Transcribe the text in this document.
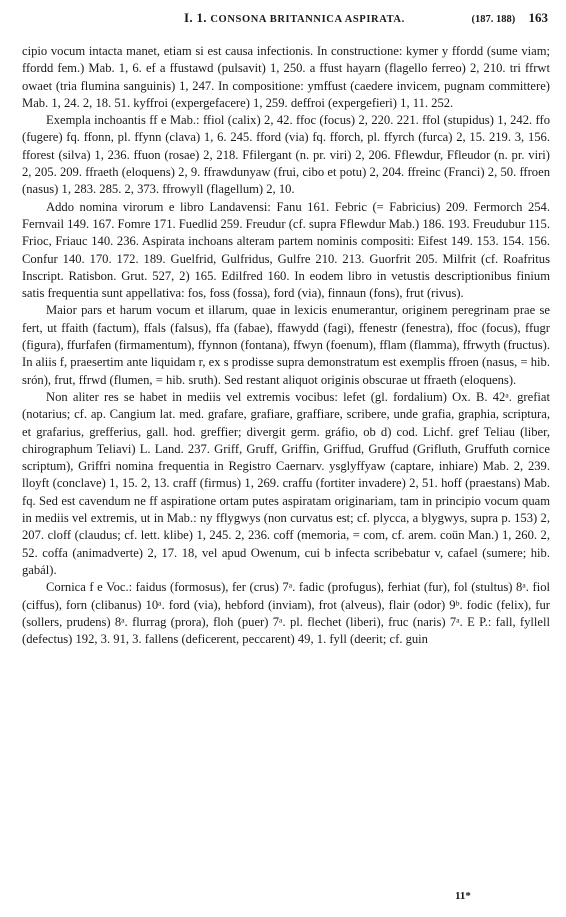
I. 1. CONSONA BRITANNICA ASPIRATA.	(187. 188) 163

cipio vocum intacta manet, etiam si est causa infectionis. In constructione: kymer y ffordd (sume viam; ffordd fem.) Mab. 1, 6. ef a ffustawd (pulsavit) 1, 250. a ffust hayarn (flagello ferreo) 2, 210. tri ffrwt owaet (tria flumina sanguinis) 1, 247. In compositione: ymffust (caedere invicem, pugnam committere) Mab. 1, 24. 2, 18. 51. kyffroi (expergefacere) 1, 259. deffroi (expergefieri) 1, 11. 252.

Exempla inchoantis ff e Mab.: ffiol (calix) 2, 42. ffoc (focus) 2, 220. 221. ffol (stupidus) 1, 242. ffo (fugere) fq. ffonn, pl. ffynn (clava) 1, 6. 245. fford (via) fq. fforch, pl. ffyrch (furca) 2, 15. 219. 3, 156. fforest (silva) 1, 236. ffuon (rosae) 2, 218. Ffilergant (n. pr. viri) 2, 206. Fflewdur, Ffleudor (n. pr. viri) 2, 205. 209. ffraeth (eloquens) 2, 9. ffrawdunyaw (frui, cibo et potu) 2, 204. ffreinc (Franci) 2, 50. ffroen (nasus) 1, 283. 285. 2, 373. ffrowyll (flagellum) 2, 10.

Addo nomina virorum e libro Landavensi: Fanu 161. Febric (= Fabricius) 209. Fermorch 254. Fernvail 149. 167. Fomre 171. Fuedlid 259. Freudur (cf. supra Fflewdur Mab.) 186. 193. Freudubur 115. Frioc, Friauc 140. 236. Aspirata inchoans alteram partem nominis compositi: Eifest 149. 153. 154. 156. Confur 140. 170. 172. 189. Guelfrid, Gulfridus, Gulfre 210. 213. Guorfrit 205. Milfrit (cf. Roafritus Inscript. Ratisbon. Grut. 527, 2) 165. Edilfred 160. In eodem libro in vetustis descriptionibus finium satis frequentia sunt appellativa: fos, foss (fossa), ford (via), finnaun (fons), frut (rivus).

Maior pars et harum vocum et illarum, quae in lexicis enumerantur, originem peregrinam prae se fert, ut ffaith (factum), ffals (falsus), ffa (fabae), ffawydd (fagi), ffenestr (fenestra), ffoc (focus), ffugr (figura), ffurfafen (firmamentum), ffynnon (fontana), ffwyn (foenum), fflam (flamma), ffrwyth (fructus). In aliis f, praesertim ante liquidam r, ex s prodisse supra demonstratum est exemplis ffroen (nasus, = hib. srón), frut, ffrwd (flumen, = hib. sruth). Sed restant aliquot originis obscurae ut ffraeth (eloquens).

Non aliter res se habet in mediis vel extremis vocibus: lefet (gl. fordalium) Ox. B. 42ᵃ. grefiat (notarius; cf. ap. Cangium lat. med. grafare, grafiare, graffiare, scribere, unde grafia, graphia, scriptura, et grafarius, grefferius, gall. hod. greffier; divergit germ. gráfio, ob d) cod. Lichf. gref Teliau (liber, chirographum Teliavi) L. Land. 237. Griff, Gruff, Griffin, Griffud, Gruffud (Grifluth, Gruffuth cornice scriptum), Griffri nomina frequentia in Registro Caernarv. ysglyffyaw (captare, inhiare) Mab. 2, 239. lloyft (conclave) 1, 15. 2, 13. craff (firmus) 1, 269. craffu (fortiter invadere) 2, 51. hoff (praestans) Mab. fq. Sed est cavendum ne ff aspiratione ortam putes aspiratam originariam, tam in principio vocum quam in mediis vel extremis, ut in Mab.: ny fflygwys (non curvatus est; cf. plycca, a blygwys, supra p. 153) 2, 207. cloff (claudus; cf. lett. klibe) 1, 245. 2, 236. coff (memoria, = com, cf. arem. coün Man.) 1, 260. 2, 52. coffa (animadverte) 2, 17. 18, vel apud Owenum, cui b infecta scribebatur v, cafael (sumere; hib. gabál).

Cornica f e Voc.: faidus (formosus), fer (crus) 7ᵃ. fadic (profugus), ferhiat (fur), fol (stultus) 8ᵃ. fiol (ciffus), forn (clibanus) 10ᵃ. ford (via), hebford (inviam), frot (alveus), flair (odor) 9ᵇ. fodic (felix), fur (sollers, prudens) 8ᵃ. flurrag (prora), floh (puer) 7ᵃ. pl. flechet (liberi), fruc (naris) 7ᵃ. E P.: fall, fyllell (defectus) 192, 3. 91, 3. fallens (deficerent, peccarent) 49, 1. fyll (deerit; cf. guin

11*
